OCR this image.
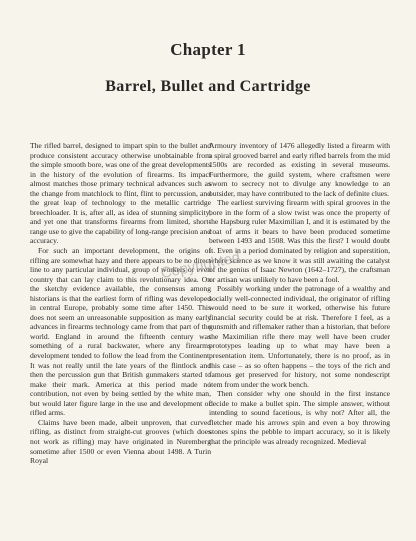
Chapter 1
Barrel, Bullet and Cartridge

The rifled barrel, designed to impart spin to the bullet and produce consistent accuracy otherwise unobtainable from the simple smooth bore, was one of the great developments in the history of the evolution of firearms. Its impact almost matches those primary technical advances such as the change from matchlock to flint, flint to percussion, and the great leap of technology to the metallic cartridge breechloader. It is, after all, as idea of stunning simplicity, and yet one that transforms firearms from limited, short-range use to give the capability of long-range precision and accuracy.

For such an important development, the origins of rifling are somewhat hazy and there appears to be no direct line to any particular individual, group of workers or even country that can lay claim to this revolutionary idea. On the sketchy evidence available, the consensus among historians is that the earliest form of rifling was developed in central Europe, probably some time after 1450. This does not seem an unreasonable supposition as many early advances in firearms technology came from that part of the world. England in around the fifteenth century was something of a rural backwater, where any firearms development tended to follow the lead from the Continent. It was not really until the late years of the flintlock and then the percussion gun that British gunmakers started to make their mark. America at this period made no contribution, not even by being settled by the white man, but would later figure large in the use and development of rifled arms.

Claims have been made, albeit unproven, that curved rifling, as distinct from straight-cut grooves (which does not work as rifling) may have originated in Nuremberg sometime after 1500 or even Vienna about 1498. A Turin Royal

Armoury inventory of 1476 allegedly listed a firearm with a spiral grooved barrel and early rifled barrels from the mid 1500s are recorded as existing in several museums. Furthermore, the guild system, where craftsmen were sworn to secrecy not to divulge any knowledge to an outsider, may have contributed to the lack of definite clues.

The earliest surviving firearm with spiral grooves in the bore in the form of a slow twist was once the property of the Hapsburg ruler Maximilian I, and it is estimated by the coat of arms it bears to have been produced sometime between 1493 and 1508. Was this the first? I would doubt it. Even in a period dominated by religion and superstition, where science as we know it was still awaiting the catalyst of the genius of Isaac Newton (1642–1727), the craftsman or artisan was unlikely to have been a fool.

Possibly working under the patronage of a wealthy and socially well-connected individual, the originator of rifling would need to be sure it worked, otherwise his future financial security could be at risk. Therefore I feel, as a gunsmith and riflemaker rather than a historian, that before the Maximilian rifle there may well have been cruder prototypes leading up to what may have been a presentation item. Unfortunately, there is no proof, as in this case – as so often happens – the toys of the rich and famous get preserved for history, not some nondescript item from under the work bench.

Then consider why one should in the first instance decide to make a bullet spin. The simple answer, without intending to sound facetious, is why not? After all, the fletcher made his arrows spin and even a boy throwing stones spins the pebble to impart accuracy, so it is likely that the principle was already recognized. Medieval

Copyrighted
